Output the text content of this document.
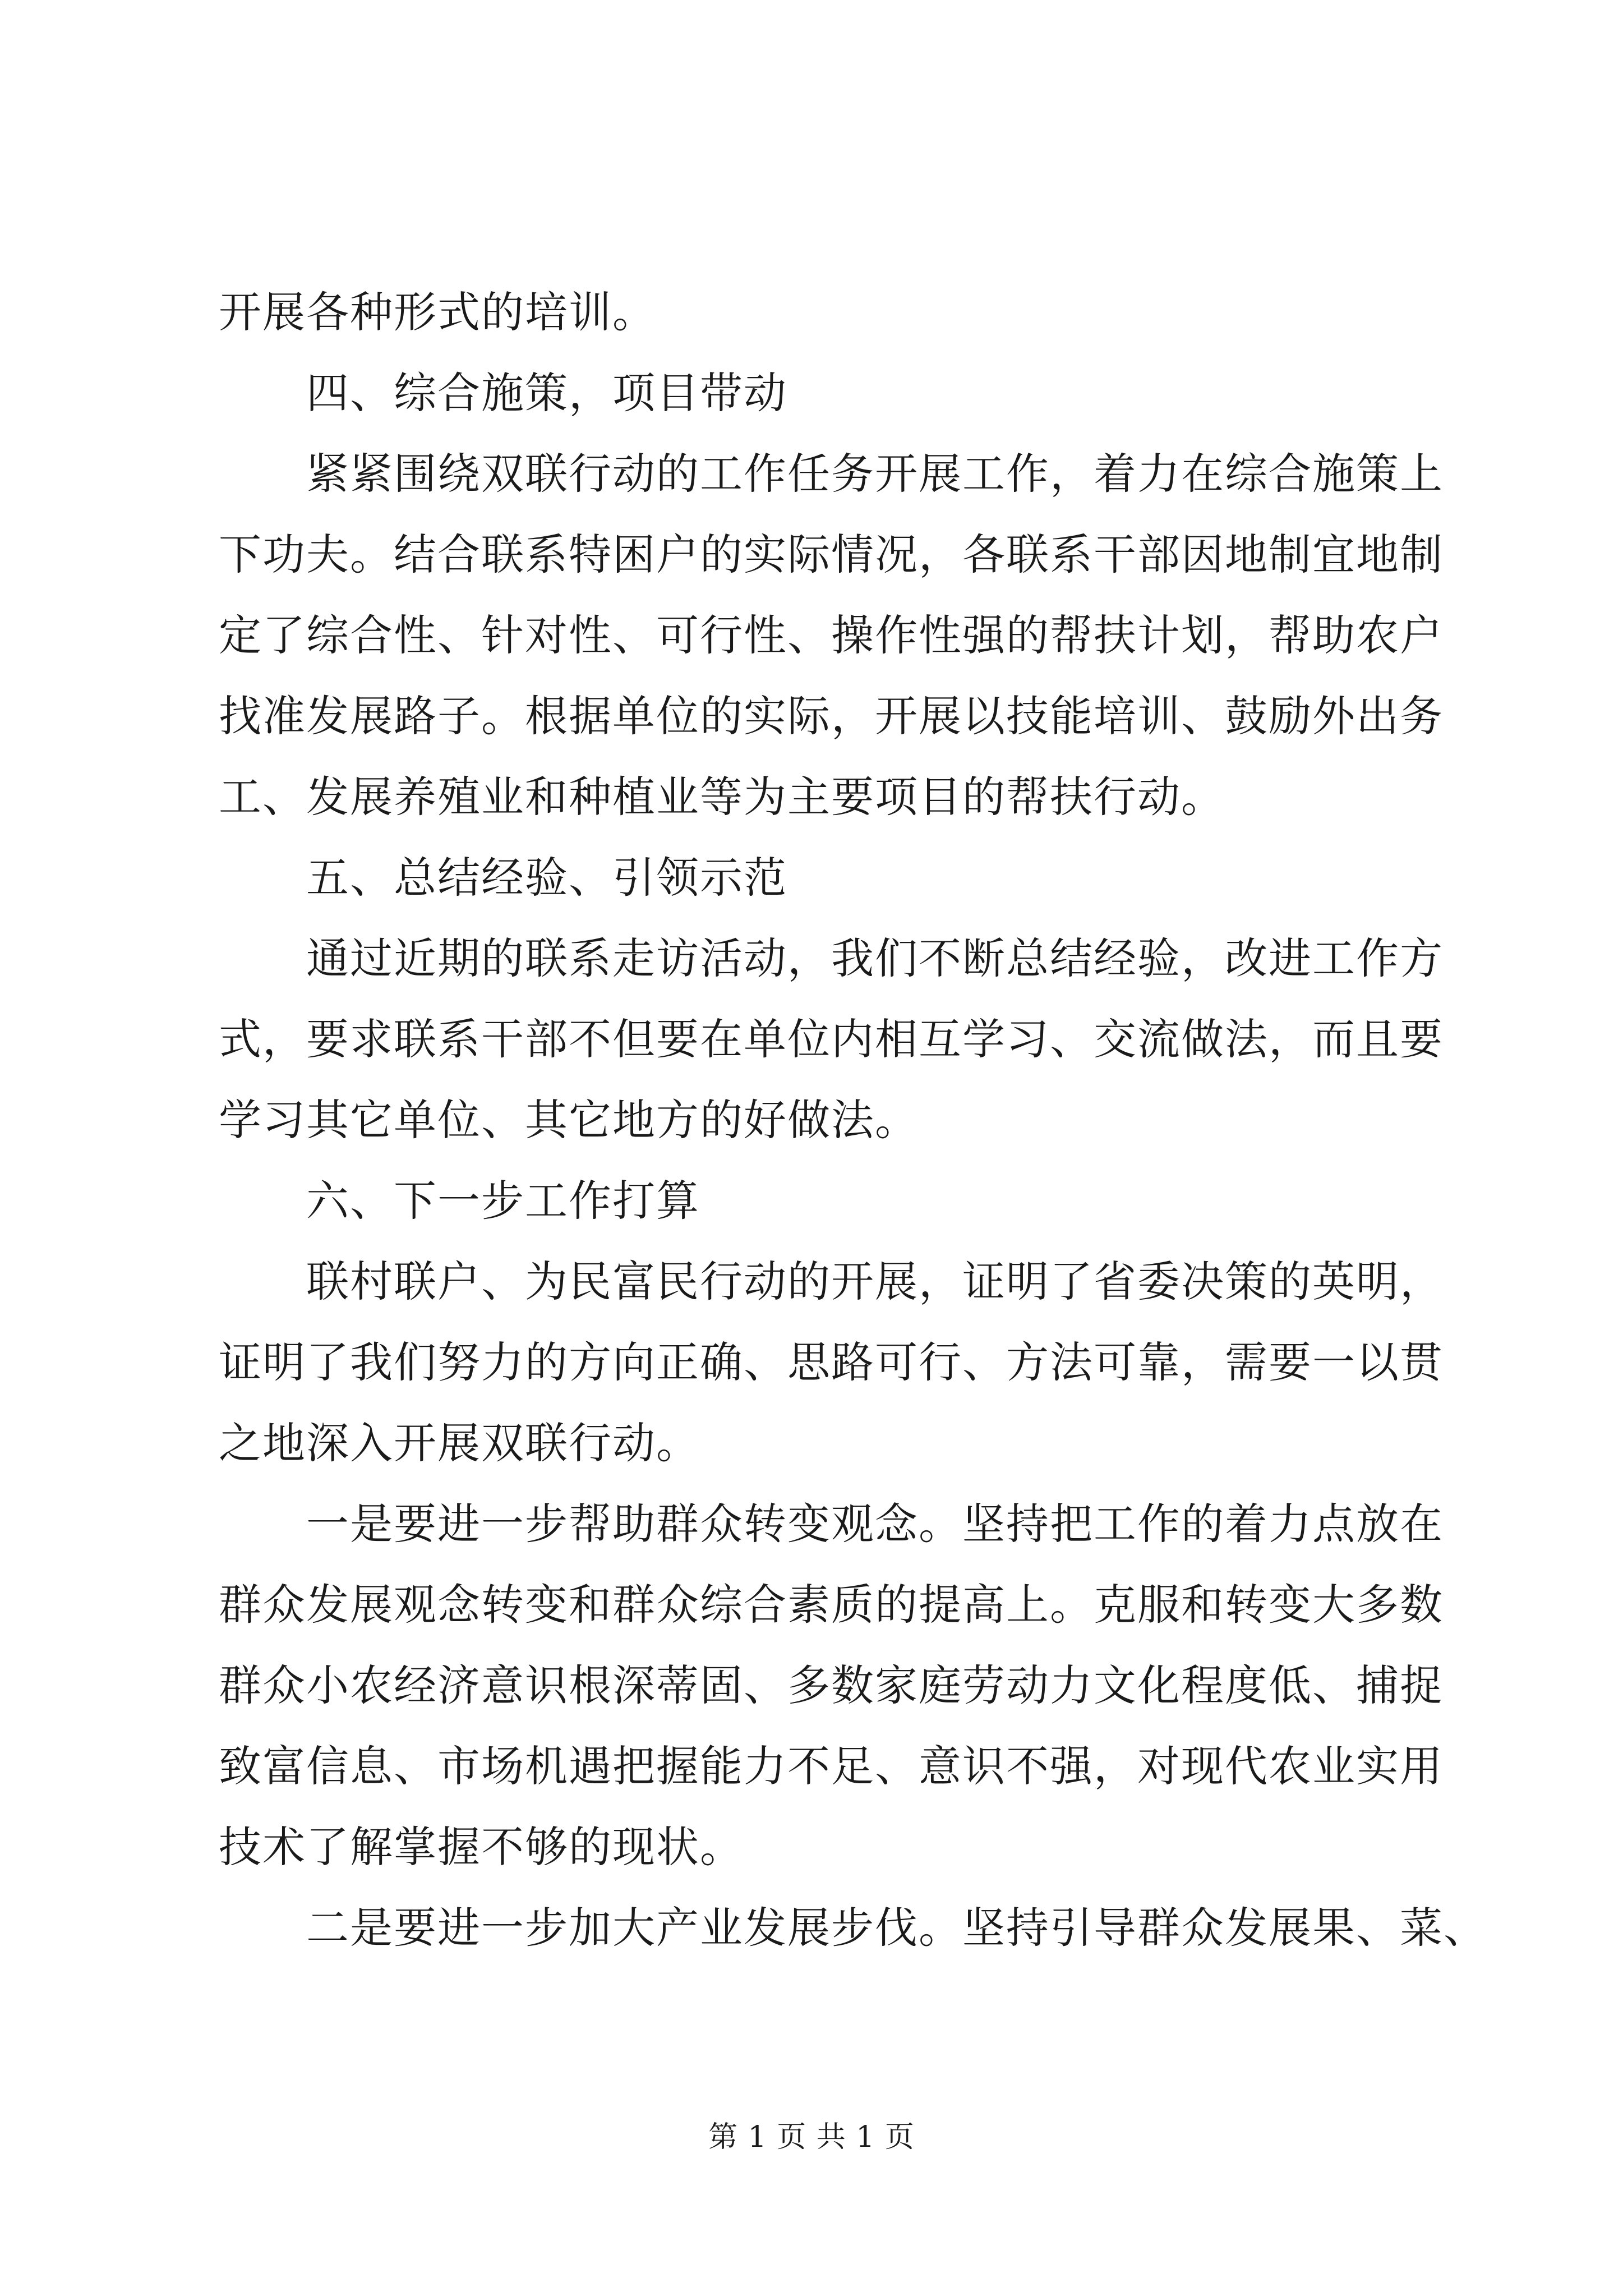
开展各种形式的培训。
四、综合施策，项目带动
紧紧围绕双联行动的工作任务开展工作，着力在综合施策上
下功夫。结合联系特困户的实际情况，各联系干部因地制宜地制
定了综合性、针对性、可行性、操作性强的帮扶计划，帮助农户
找准发展路子。根据单位的实际，开展以技能培训、鼓励外出务
工、发展养殖业和种植业等为主要项目的帮扶行动。
五、总结经验、引领示范
通过近期的联系走访活动，我们不断总结经验，改进工作方
式，要求联系干部不但要在单位内相互学习、交流做法，而且要
学习其它单位、其它地方的好做法。
六、下一步工作打算
联村联户、为民富民行动的开展，证明了省委决策的英明，
证明了我们努力的方向正确、思路可行、方法可靠，需要一以贯
之地深入开展双联行动。
一是要进一步帮助群众转变观念。坚持把工作的着力点放在
群众发展观念转变和群众综合素质的提高上。克服和转变大多数
群众小农经济意识根深蒂固、多数家庭劳动力文化程度低、捕捉
致富信息、市场机遇把握能力不足、意识不强，对现代农业实用
技术了解掌握不够的现状。
二是要进一步加大产业发展步伐。坚持引导群众发展果、菜、
第 1 页 共 1 页
